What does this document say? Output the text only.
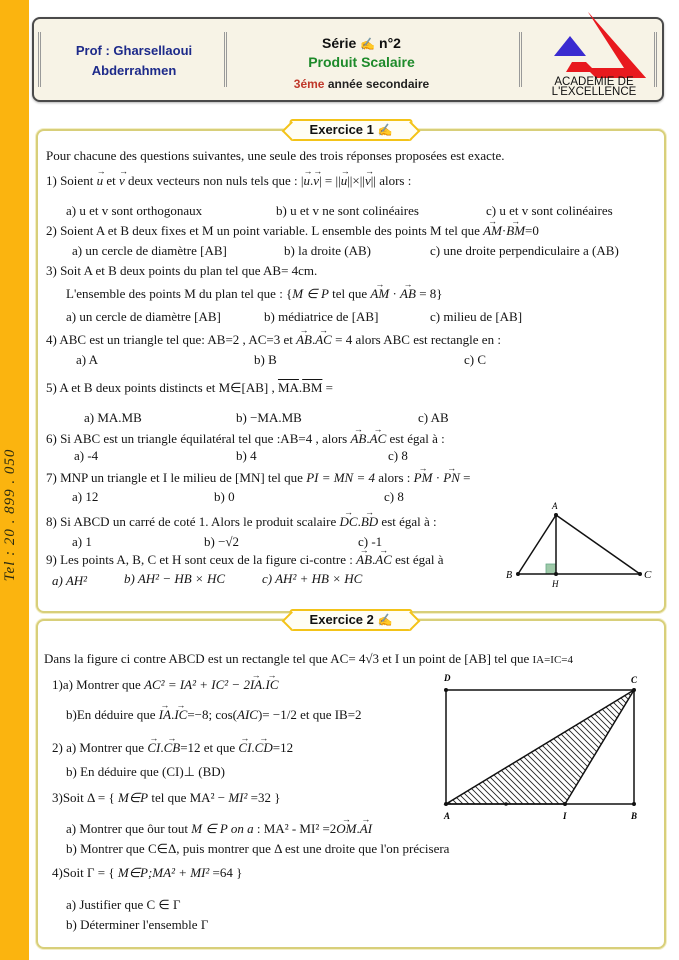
Tel : 20 . 899 . 050
Prof : Gharsellaoui
Abderrahmen
Série ✍ n°2
Produit Scalaire
3éme année secondaire	ACADEMIE DE
L'EXCELLENCE
Exercice 1 ✍
Pour chacune des questions suivantes, une seule des trois réponses proposées est exacte.
1) Soient → u et → v deux vecteurs non nuls tels que : |→ u.→ v| = ||→ u||×||→ v|| alors :
a) u et v sont orthogonaux	b) u et v ne sont colinéaires	c) u et v sont colinéaires
2) Soient A et B deux fixes et M un point variable. L ensemble des points M tel que → AM·→ BM=0
a) un cercle de diamètre [AB]	b) la droite (AB)	c) une droite perpendiculaire a (AB)
3) Soit A et B deux points du plan tel que AB= 4cm.
L'ensemble des points M du plan tel que : {M ∈ P tel que → AM · → AB = 8}
a) un cercle de diamètre [AB]	b) médiatrice de [AB]	c) milieu de [AB]
4) ABC est un triangle tel que: AB=2 , AC=3 et → AB.→ AC = 4 alors ABC est rectangle en :
a) A	b) B	c) C
5) A et B deux points distincts et M∈[AB] , $\overline{MA}.\overline{BM}$ =
a) MA.MB	b) −MA.MB	c) AB
6) Si ABC est un triangle équilatéral tel que :AB=4 , alors → AB.→ AC est égal à :
a) -4	b) 4	c) 8
7) MNP un triangle et I le milieu de [MN] tel que PI = MN = 4 alors : → PM · → PN =
a) 12	b) 0	c) 8
8) Si ABCD un carré de coté 1. Alors le produit scalaire → DC.→ BD est égal à :
a) 1	b) −√2	c) -1
9) Les points A, B, C et H sont ceux de la figure ci-contre : → AB.→ AC est égal à
a) AH²	b) AH² − HB × HC	c) AH² + HB × HC
A
B	C
H
Exercice 2 ✍
Dans la figure ci contre ABCD est un rectangle tel que AC= 4√3 et I un point de [AB] tel que IA=IC=4
1)a) Montrer que AC² = IA² + IC² − 2→ IA.→ IC
b)En déduire que → IA.→ IC=−8; cos(AIC)= −1/2 et que IB=2
2) a) Montrer que → CI.→ CB=12 et que → CI.→ CD=12
b) En déduire que (CI)⊥ (BD)
3)Soit Δ = { M∈P tel que MA² − MI² =32 }
a) Montrer que ôur tout M ∈ P on a : MA² - MI² =2→ OM.→ AI
b) Montrer que C∈Δ, puis montrer que Δ est une droite que l'on précisera
4)Soit Γ = { M∈P;MA² + MI² =64 }
a) Justifier que C ∈ Γ
b) Déterminer l'ensemble Γ
D	C
A	I	B
